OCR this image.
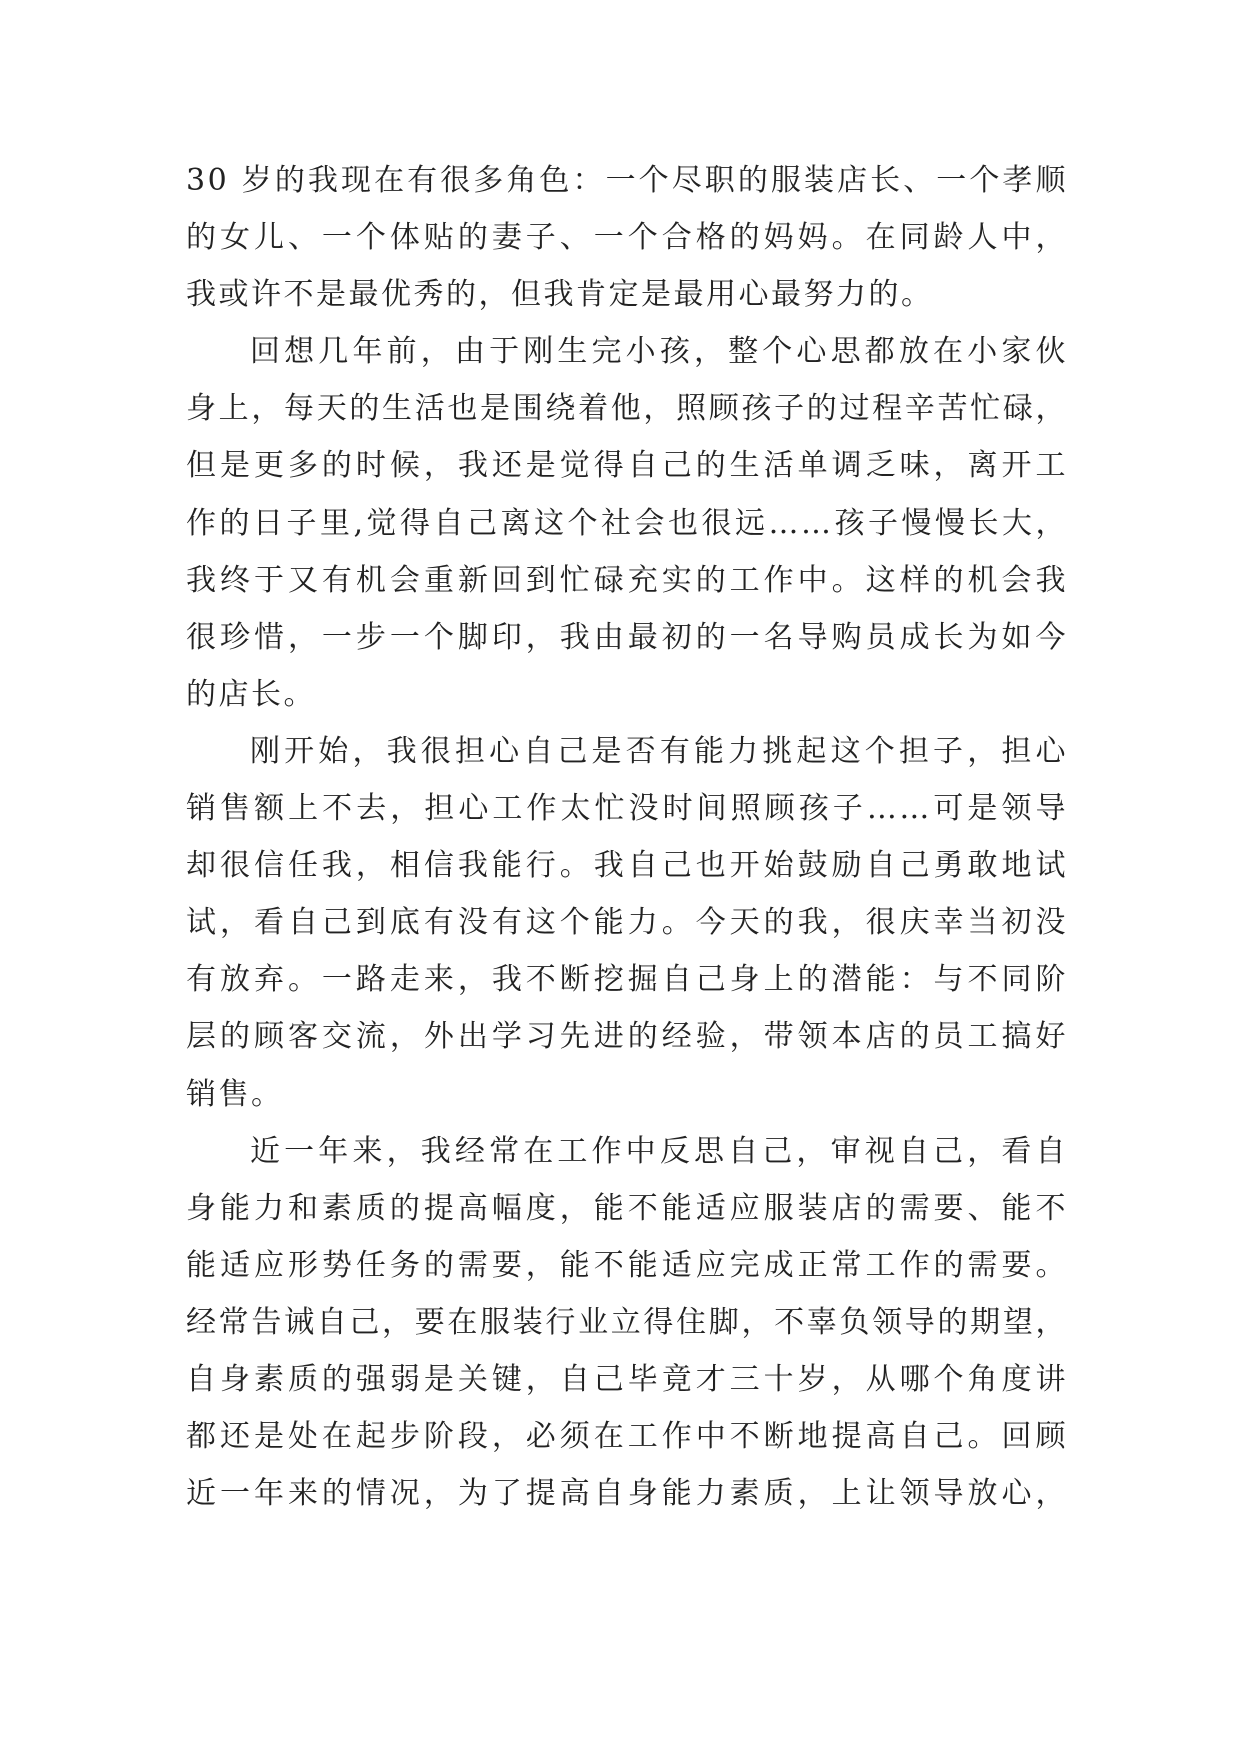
30 岁的我现在有很多角色：一个尽职的服装店长、一个孝顺
的女儿、一个体贴的妻子、一个合格的妈妈。在同龄人中，
我或许不是最优秀的，但我肯定是最用心最努力的。
回想几年前，由于刚生完小孩，整个心思都放在小家伙
身上，每天的生活也是围绕着他，照顾孩子的过程辛苦忙碌，
但是更多的时候，我还是觉得自己的生活单调乏味，离开工
作的日子里,觉得自己离这个社会也很远……孩子慢慢长大，
我终于又有机会重新回到忙碌充实的工作中。这样的机会我
很珍惜，一步一个脚印，我由最初的一名导购员成长为如今
的店长。
刚开始，我很担心自己是否有能力挑起这个担子，担心
销售额上不去，担心工作太忙没时间照顾孩子……可是领导
却很信任我，相信我能行。我自己也开始鼓励自己勇敢地试
试，看自己到底有没有这个能力。今天的我，很庆幸当初没
有放弃。一路走来，我不断挖掘自己身上的潜能：与不同阶
层的顾客交流，外出学习先进的经验，带领本店的员工搞好
销售。
近一年来，我经常在工作中反思自己，审视自己，看自
身能力和素质的提高幅度，能不能适应服装店的需要、能不
能适应形势任务的需要，能不能适应完成正常工作的需要。
经常告诫自己，要在服装行业立得住脚，不辜负领导的期望，
自身素质的强弱是关键，自己毕竟才三十岁，从哪个角度讲
都还是处在起步阶段，必须在工作中不断地提高自己。回顾
近一年来的情况，为了提高自身能力素质，上让领导放心，
